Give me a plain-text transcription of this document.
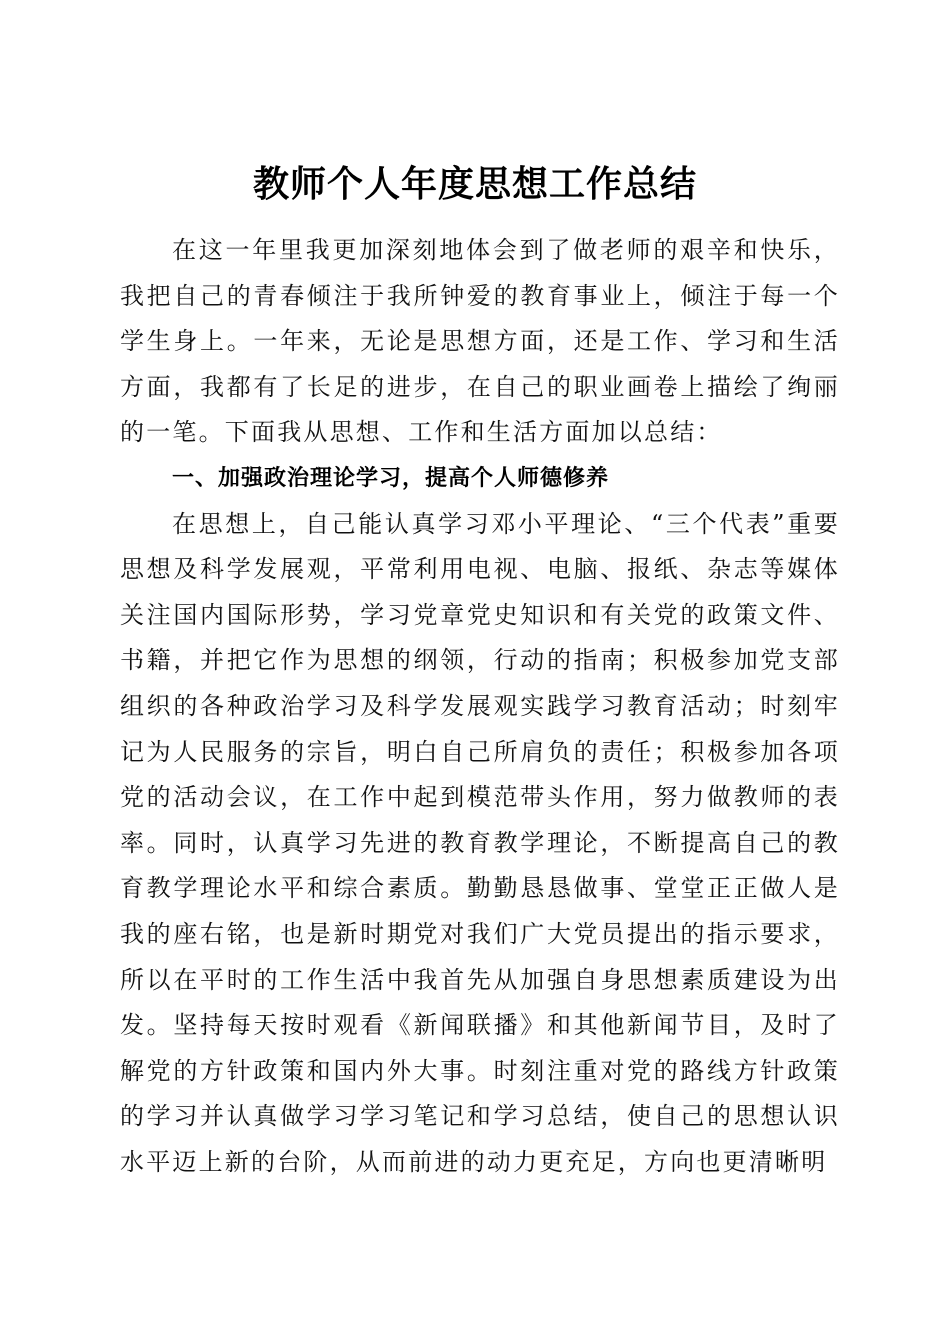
教师个人年度思想工作总结

在这一年里我更加深刻地体会到了做老师的艰辛和快乐，我把自己的青春倾注于我所钟爱的教育事业上，倾注于每一个学生身上。一年来，无论是思想方面，还是工作、学习和生活方面，我都有了长足的进步，在自己的职业画卷上描绘了绚丽的一笔。下面我从思想、工作和生活方面加以总结：

一、加强政治理论学习，提高个人师德修养

在思想上，自己能认真学习邓小平理论、“三个代表”重要思想及科学发展观，平常利用电视、电脑、报纸、杂志等媒体关注国内国际形势，学习党章党史知识和有关党的政策文件、书籍，并把它作为思想的纲领，行动的指南；积极参加党支部组织的各种政治学习及科学发展观实践学习教育活动；时刻牢记为人民服务的宗旨，明白自己所肩负的责任；积极参加各项党的活动会议，在工作中起到模范带头作用，努力做教师的表率。同时，认真学习先进的教育教学理论，不断提高自己的教育教学理论水平和综合素质。勤勤恳恳做事、堂堂正正做人是我的座右铭，也是新时期党对我们广大党员提出的指示要求，所以在平时的工作生活中我首先从加强自身思想素质建设为出发。坚持每天按时观看《新闻联播》和其他新闻节目，及时了解党的方针政策和国内外大事。时刻注重对党的路线方针政策的学习并认真做学习学习笔记和学习总结，使自己的思想认识水平迈上新的台阶，从而前进的动力更充足，方向也更清晰明
